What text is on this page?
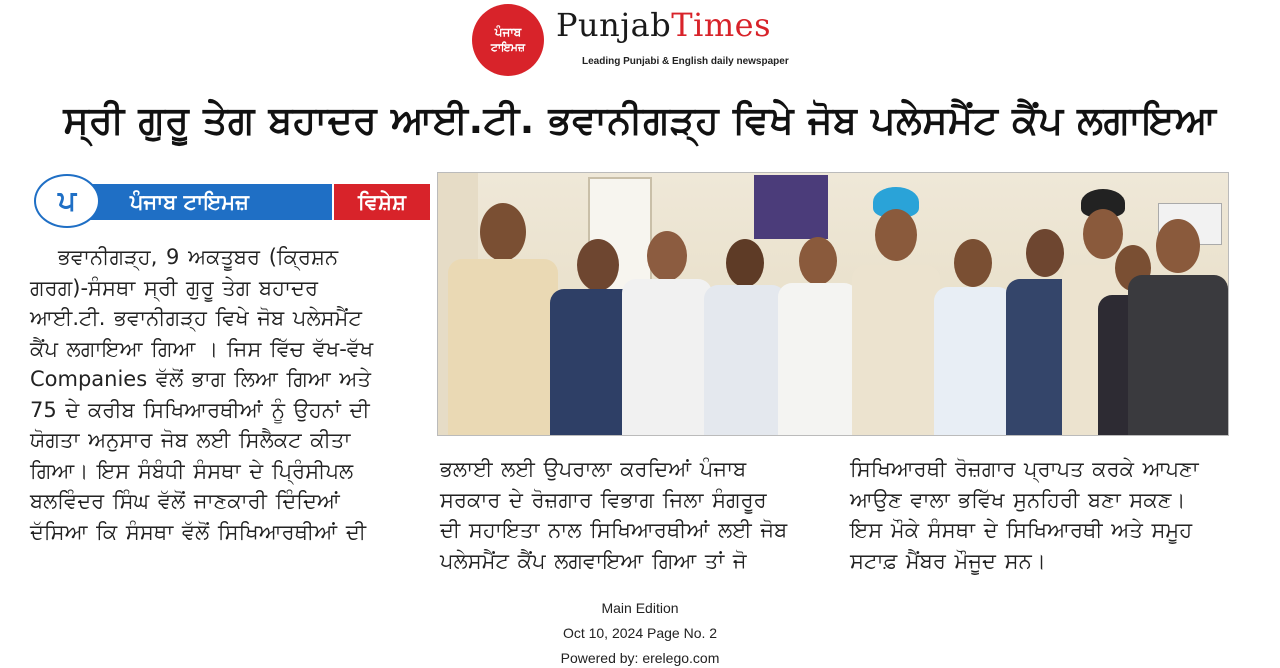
ਪੰਜਾਬ
ਟਾਇਮਜ਼
PunjabTimes
Leading Punjabi & English daily newspaper
ਸ੍ਰੀ ਗੁਰੂ ਤੇਗ ਬਹਾਦਰ ਆਈ.ਟੀ. ਭਵਾਨੀਗੜ੍ਹ ਵਿਖੇ ਜੋਬ ਪਲੇਸਮੈਂਟ ਕੈਂਪ ਲਗਾਇਆ
ਪ	ਪੰਜਾਬ ਟਾਇਮਜ਼	ਵਿਸ਼ੇਸ਼
ਭਵਾਨੀਗੜ੍ਹ, 9 ਅਕਤੂਬਰ (ਕ੍ਰਿਸ਼ਨ
ਗਰਗ)-ਸੰਸਥਾ ਸ੍ਰੀ ਗੁਰੂ ਤੇਗ ਬਹਾਦਰ
ਆਈ.ਟੀ. ਭਵਾਨੀਗੜ੍ਹ ਵਿਖੇ ਜੋਬ ਪਲੇਸਮੈਂਟ
ਕੈਂਪ ਲਗਾਇਆ ਗਿਆ । ਜਿਸ ਵਿੱਚ ਵੱਖ-ਵੱਖ
Companies ਵੱਲੋਂ ਭਾਗ ਲਿਆ ਗਿਆ ਅਤੇ
75 ਦੇ ਕਰੀਬ ਸਿਖਿਆਰਥੀਆਂ ਨੂੰ ਉਹਨਾਂ ਦੀ
ਯੋਗਤਾ ਅਨੁਸਾਰ ਜੋਬ ਲਈ ਸਿਲੈਕਟ ਕੀਤਾ
ਗਿਆ। ਇਸ ਸੰਬੰਧੀ ਸੰਸਥਾ ਦੇ ਪ੍ਰਿੰਸੀਪਲ
ਬਲਵਿੰਦਰ ਸਿੰਘ ਵੱਲੋਂ ਜਾਣਕਾਰੀ ਦਿੰਦਿਆਂ
ਦੱਸਿਆ ਕਿ ਸੰਸਥਾ ਵੱਲੋਂ ਸਿਖਿਆਰਥੀਆਂ ਦੀ
ਭਲਾਈ ਲਈ ਉਪਰਾਲਾ ਕਰਦਿਆਂ ਪੰਜਾਬ
ਸਰਕਾਰ ਦੇ ਰੋਜ਼ਗਾਰ ਵਿਭਾਗ ਜਿਲਾ ਸੰਗਰੂਰ
ਦੀ ਸਹਾਇਤਾ ਨਾਲ ਸਿਖਿਆਰਥੀਆਂ ਲਈ ਜੋਬ
ਪਲੇਸਮੈਂਟ ਕੈਂਪ ਲਗਵਾਇਆ ਗਿਆ ਤਾਂ ਜੋ
ਸਿਖਿਆਰਥੀ ਰੋਜ਼ਗਾਰ ਪ੍ਰਾਪਤ ਕਰਕੇ ਆਪਣਾ
ਆਉਣ ਵਾਲਾ ਭਵਿੱਖ ਸੁਨਹਿਰੀ ਬਣਾ ਸਕਣ।
ਇਸ ਮੌਕੇ ਸੰਸਥਾ ਦੇ ਸਿਖਿਆਰਥੀ ਅਤੇ ਸਮੂਹ
ਸਟਾਫ਼ ਮੈਂਬਰ ਮੌਜੂਦ ਸਨ।
Main Edition
Oct 10, 2024 Page No. 2
Powered by: erelego.com
